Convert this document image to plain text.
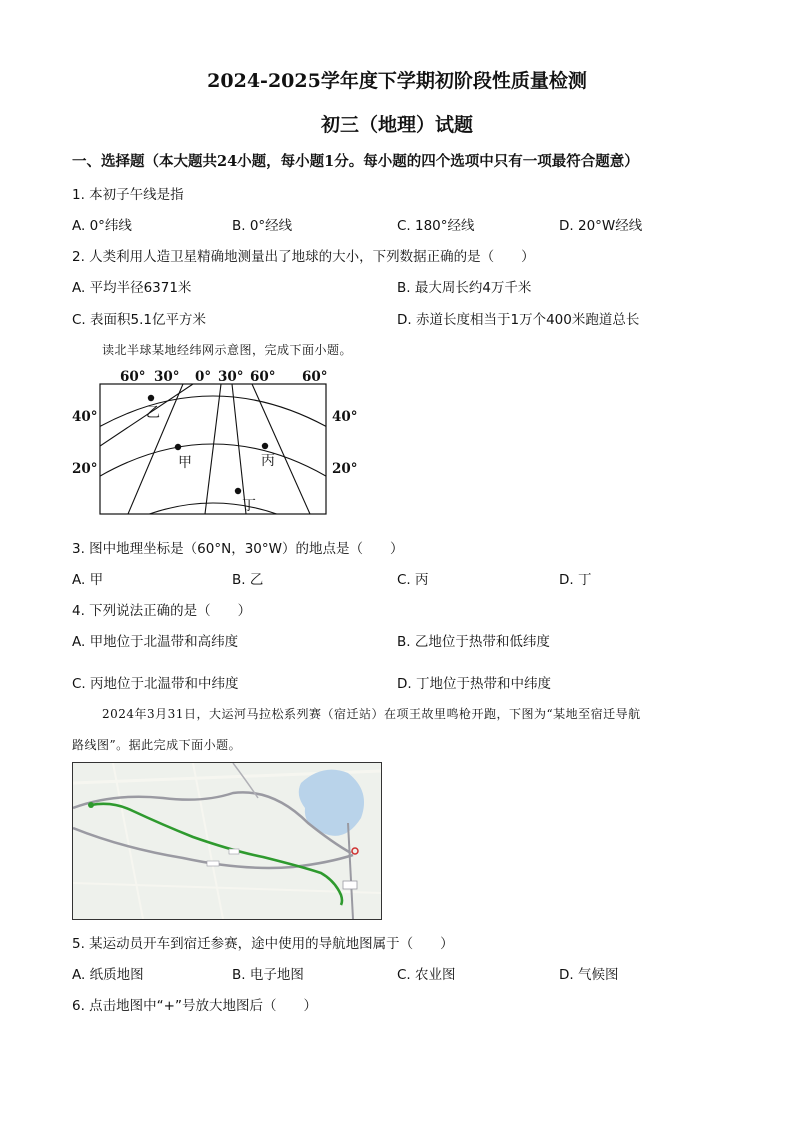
2024-2025学年度下学期初阶段性质量检测
初三（地理）试题
一、选择题（本大题共24小题，每小题1分。每小题的四个选项中只有一项最符合题意）
1. 本初子午线是指
A. 0°纬线	B. 0°经线	C. 180°经线	D. 20°W经线
2. 人类利用人造卫星精确地测量出了地球的大小，下列数据正确的是（　　）
A. 平均半径6371米	B. 最大周长约4万千米
C. 表面积5.1亿平方米	D. 赤道长度相当于1万个400米跑道总长
读北半球某地经纬网示意图，完成下面小题。
60° 30° 0° 30° 60° 60°
40°
20°
40°
20°
乙
甲	丙
丁
3. 图中地理坐标是（60°N，30°W）的地点是（　　）
A. 甲	B. 乙	C. 丙	D. 丁
4. 下列说法正确的是（　　）
A. 甲地位于北温带和高纬度	B. 乙地位于热带和低纬度
C. 丙地位于北温带和中纬度	D. 丁地位于热带和中纬度
2024年3月31日，大运河马拉松系列赛（宿迁站）在项王故里鸣枪开跑，下图为“某地至宿迁导航
路线图”。据此完成下面小题。
5. 某运动员开车到宿迁参赛，途中使用的导航地图属于（　　）
A. 纸质地图	B. 电子地图	C. 农业图	D. 气候图
6. 点击地图中“+”号放大地图后（　　）
